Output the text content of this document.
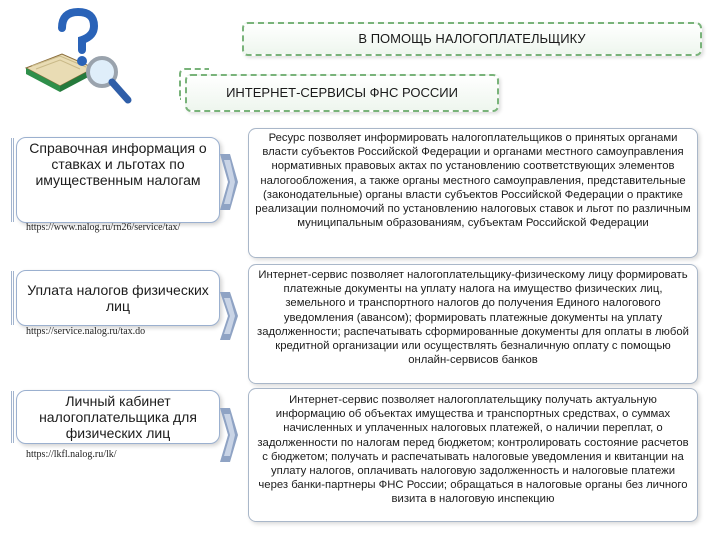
В ПОМОЩЬ НАЛОГОПЛАТЕЛЬЩИКУ
ИНТЕРНЕТ-СЕРВИСЫ ФНС РОССИИ
Справочная информация о ставках и льготах по имущественным налогам
https://www.nalog.ru/rn26/service/tax/
Ресурс позволяет информировать налогоплательщиков о принятых органами власти субъектов Российской Федерации и органами местного самоуправления нормативных правовых актах по установлению соответствующих элементов налогообложения, а также органы местного самоуправления, представительные (законодательные) органы власти субъектов Российской Федерации о практике реализации полномочий по установлению налоговых ставок и льгот по различным муниципальным образованиям, субъектам Российской Федерации
Уплата налогов физических лиц
https://service.nalog.ru/tax.do
Интернет-сервис позволяет налогоплательщику-физическому лицу формировать платежные документы на уплату налога на имущество физических лиц, земельного и транспортного налогов до получения Единого налогового уведомления (авансом); формировать платежные документы на уплату задолженности; распечатывать сформированные документы для оплаты в любой кредитной организации или осуществлять безналичную оплату с помощью онлайн-сервисов банков
Личный кабинет налогоплательщика для физических лиц
https://lkfl.nalog.ru/lk/
Интернет-сервис позволяет налогоплательщику получать актуальную информацию об объектах имущества и транспортных средствах, о суммах начисленных и уплаченных налоговых платежей, о наличии переплат, о задолженности по налогам перед бюджетом; контролировать состояние расчетов с бюджетом; получать и распечатывать налоговые уведомления и квитанции на уплату налогов, оплачивать налоговую задолженность и налоговые платежи через банки-партнеры ФНС России; обращаться в налоговые органы без личного визита в налоговую инспекцию
